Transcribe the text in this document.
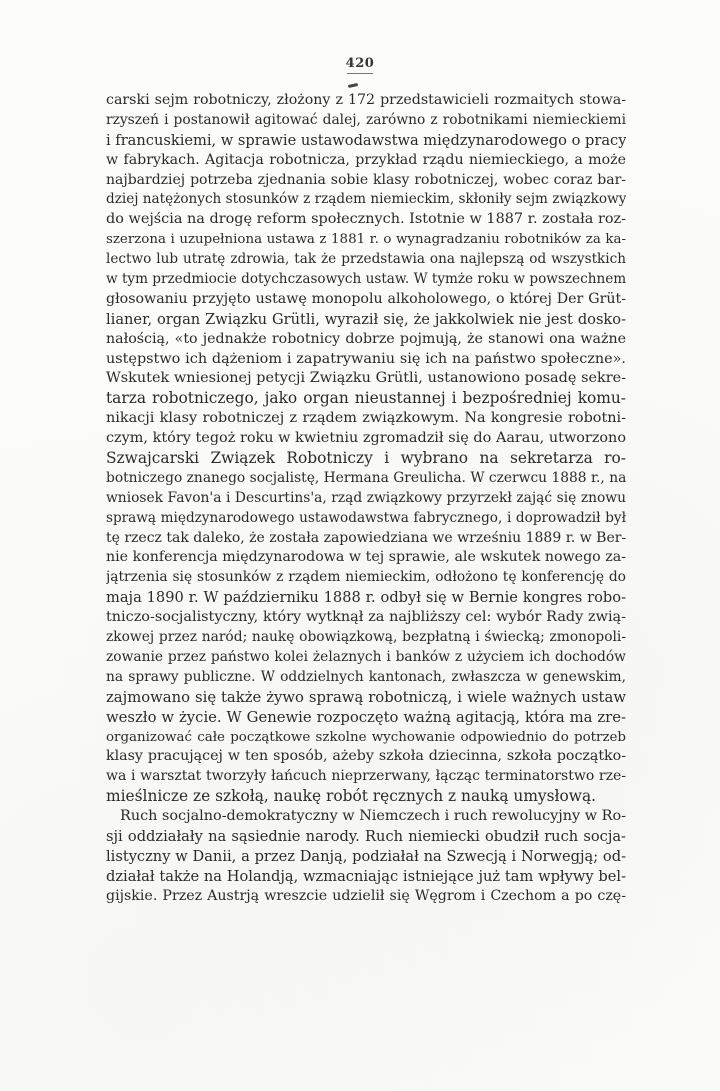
420
carski sejm robotniczy, złożony z 172 przedstawicieli rozmaitych stowa-
rzyszeń i postanowił agitować dalej, zarówno z robotnikami niemieckiemi
i francuskiemi, w sprawie ustawodawstwa międzynarodowego o pracy
w fabrykach. Agitacja robotnicza, przykład rządu niemieckiego, a może
najbardziej potrzeba zjednania sobie klasy robotniczej, wobec coraz bar-
dziej natężonych stosunków z rządem niemieckim, skłoniły sejm związkowy
do wejścia na drogę reform społecznych. Istotnie w 1887 r. została roz-
szerzona i uzupełniona ustawa z 1881 r. o wynagradzaniu robotników za ka-
lectwo lub utratę zdrowia, tak że przedstawia ona najlepszą od wszystkich
w tym przedmiocie dotychczasowych ustaw. W tymże roku w powszechnem
głosowaniu przyjęto ustawę monopolu alkoholowego, o której Der Grüt-
lianer, organ Związku Grütli, wyraził się, że jakkolwiek nie jest dosko-
nałością, «to jednakże robotnicy dobrze pojmują, że stanowi ona ważne
ustępstwo ich dążeniom i zapatrywaniu się ich na państwo społeczne».
Wskutek wniesionej petycji Związku Grütli, ustanowiono posadę sekre-
tarza robotniczego, jako organ nieustannej i bezpośredniej komu-
nikacji klasy robotniczej z rządem związkowym. Na kongresie robotni-
czym, który tegoż roku w kwietniu zgromadził się do Aarau, utworzono
Szwajcarski Związek Robotniczy i wybrano na sekretarza ro-
botniczego znanego socjalistę, Hermana Greulicha. W czerwcu 1888 r., na
wniosek Favon'a i Descurtins'a, rząd związkowy przyrzekł zająć się znowu
sprawą międzynarodowego ustawodawstwa fabrycznego, i doprowadził był
tę rzecz tak daleko, że została zapowiedziana we wrześniu 1889 r. w Ber-
nie konferencja międzynarodowa w tej sprawie, ale wskutek nowego za-
jątrzenia się stosunków z rządem niemieckim, odłożono tę konferencję do
maja 1890 r. W październiku 1888 r. odbył się w Bernie kongres robo-
tniczo-socjalistyczny, który wytknął za najbliższy cel: wybór Rady zwią-
zkowej przez naród; naukę obowiązkową, bezpłatną i świecką; zmonopoli-
zowanie przez państwo kolei żelaznych i banków z użyciem ich dochodów
na sprawy publiczne. W oddzielnych kantonach, zwłaszcza w genewskim,
zajmowano się także żywo sprawą robotniczą, i wiele ważnych ustaw
weszło w życie. W Genewie rozpoczęto ważną agitacją, która ma zre-
organizować całe początkowe szkolne wychowanie odpowiednio do potrzeb
klasy pracującej w ten sposób, ażeby szkoła dziecinna, szkoła początko-
wa i warsztat tworzyły łańcuch nieprzerwany, łącząc terminatorstwo rze-
mieślnicze ze szkołą, naukę robót ręcznych z nauką umysłową.
Ruch socjalno-demokratyczny w Niemczech i ruch rewolucyjny w Ro-
sji oddziałały na sąsiednie narody. Ruch niemiecki obudził ruch socja-
listyczny w Danii, a przez Danją, podziałał na Szwecją i Norwegją; od-
działał także na Holandją, wzmacniając istniejące już tam wpływy bel-
gijskie. Przez Austrją wreszcie udzielił się Węgrom i Czechom a po czę-
